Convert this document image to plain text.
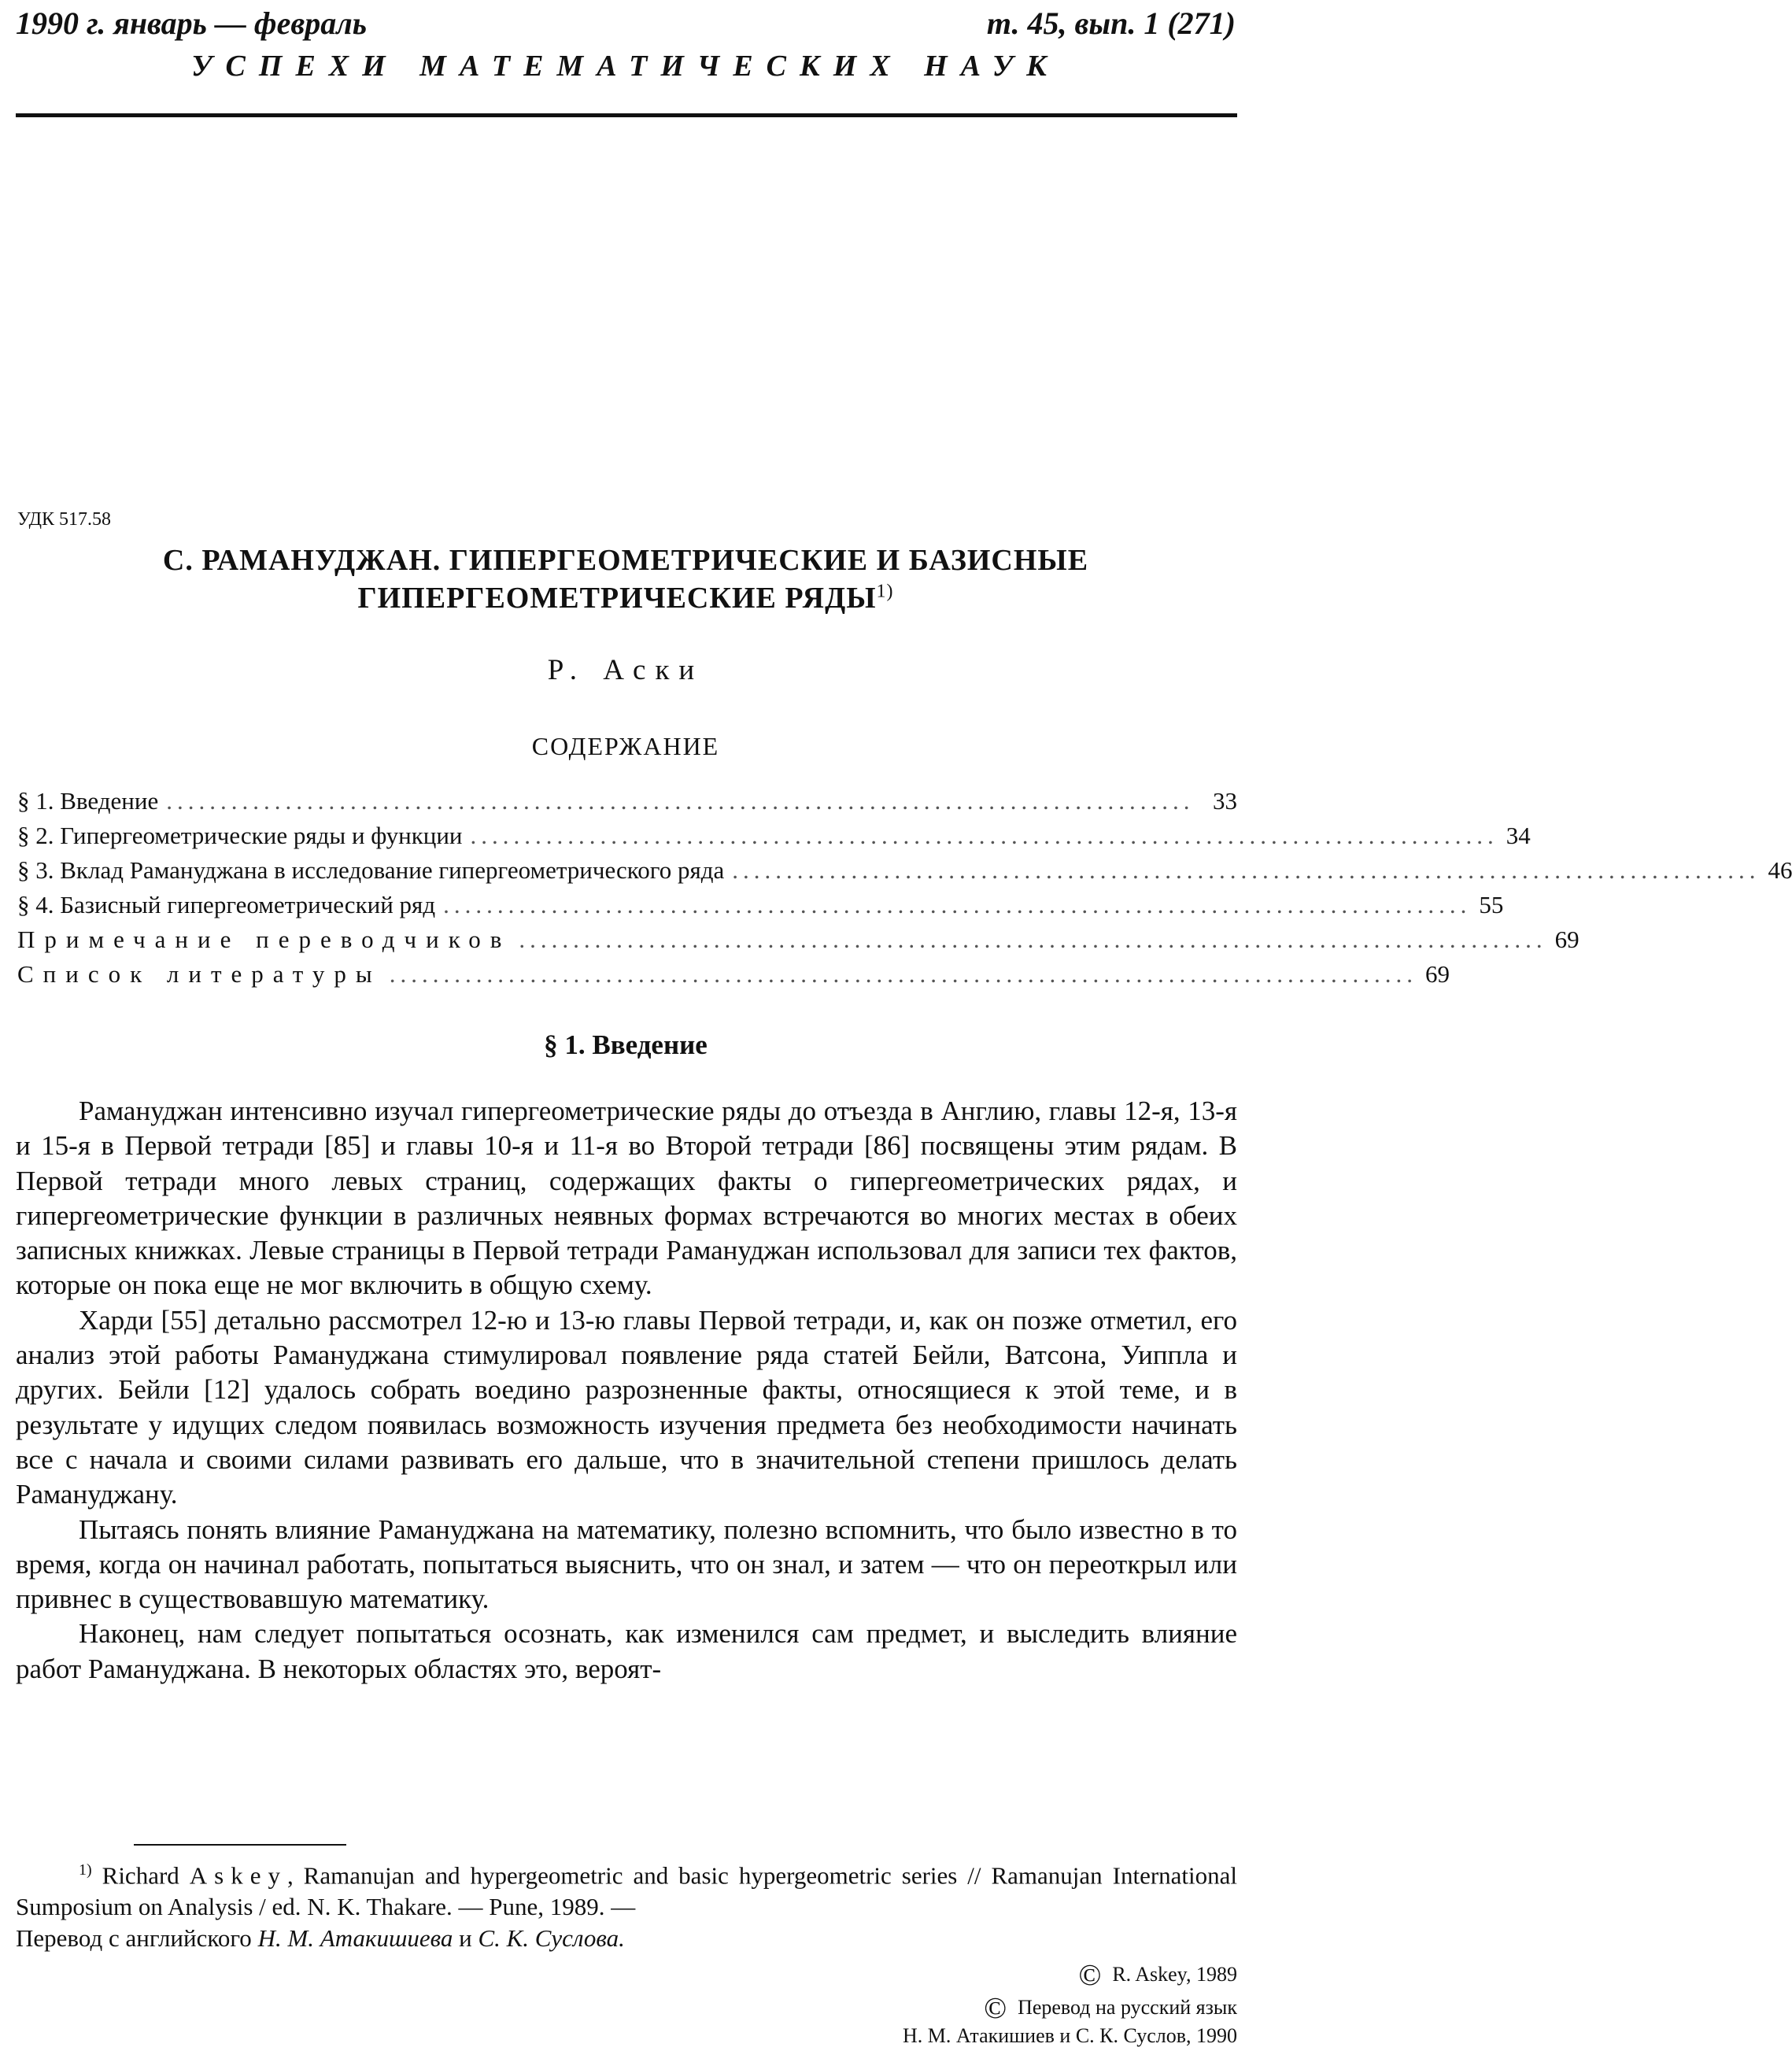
1990 г. январь — февраль	т. 45, вып. 1 (271)
УСПЕХИ МАТЕМАТИЧЕСКИХ НАУК
УДК 517.58
С. РАМАНУДЖАН. ГИПЕРГЕОМЕТРИЧЕСКИЕ И БАЗИСНЫЕ
ГИПЕРГЕОМЕТРИЧЕСКИЕ РЯДЫ$^{1)}$
Р. Аски
СОДЕРЖАНИЕ
§ 1. Введение ............................................................................................... 33
§ 2. Гипергеометрические ряды и функции ............................................................................................... 34
§ 3. Вклад Рамануджана в исследование гипергеометрического ряда ............................................................................................... 46
§ 4. Базисный гипергеометрический ряд ............................................................................................... 55
Примечание переводчиков ............................................................................................... 69
Список литературы ............................................................................................... 69
§ 1. Введение

Рамануджан интенсивно изучал гипергеометрические ряды до отъезда в Англию, главы 12-я, 13-я и 15-я в Первой тетради [85] и главы 10-я и 11-я во Второй тетради [86] посвящены этим рядам. В Первой тетради много левых страниц, содержащих факты о гипергеометрических рядах, и гипергеометрические функции в различных неявных формах встречаются во многих местах в обеих записных книжках. Левые страницы в Первой тетради Рамануджан использовал для записи тех фактов, которые он пока еще не мог включить в общую схему.

Харди [55] детально рассмотрел 12-ю и 13-ю главы Первой тетради, и, как он позже отметил, его анализ этой работы Рамануджана стимулировал появление ряда статей Бейли, Ватсона, Уиппла и других. Бейли [12] удалось собрать воедино разрозненные факты, относящиеся к этой теме, и в результате у идущих следом появилась возможность изучения предмета без необходимости начинать все с начала и своими силами развивать его дальше, что в значительной степени пришлось делать Рамануджану.

Пытаясь понять влияние Рамануджана на математику, полезно вспомнить, что было известно в то время, когда он начинал работать, попытаться выяснить, что он знал, и затем — что он переоткрыл или привнес в существовавшую математику.

Наконец, нам следует попытаться осознать, как изменился сам предмет, и выследить влияние работ Рамануджана. В некоторых областях это, вероят-

$^{1)}$ Richard Askey, Ramanujan and hypergeometric and basic hypergeometric series // Ramanujan International Sumposium on Analysis / ed. N. K. Thakare. — Pune, 1989. —

Перевод с английского Н. М. Атакишиева и С. К. Суслова.
© R. Askey, 1989
© Перевод на русский язык
Н. М. Атакишиев и С. К. Суслов, 1990
